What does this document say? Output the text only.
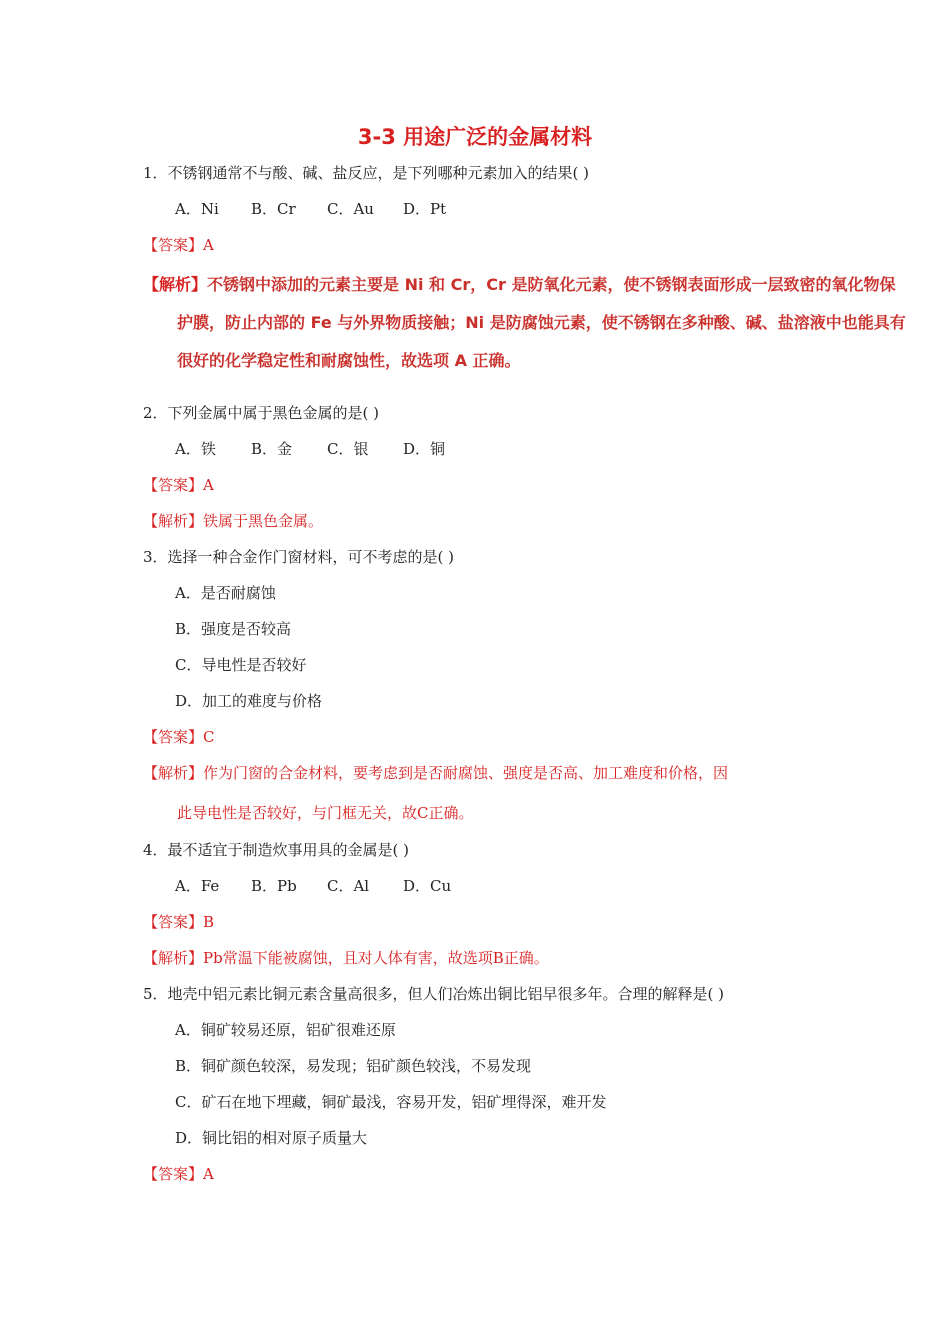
3-3 用途广泛的金属材料
1．不锈钢通常不与酸、碱、盐反应，是下列哪种元素加入的结果( )
A．Ni B．Cr C．Au D．Pt
【答案】A
【解析】不锈钢中添加的元素主要是 Ni 和 Cr，Cr 是防氧化元素，使不锈钢表面形成一层致密的氧化物保
护膜，防止内部的 Fe 与外界物质接触；Ni 是防腐蚀元素，使不锈钢在多种酸、碱、盐溶液中也能具有
很好的化学稳定性和耐腐蚀性，故选项 A 正确。
2．下列金属中属于黑色金属的是( )
A．铁 B．金 C．银 D．铜
【答案】A
【解析】铁属于黑色金属。
3．选择一种合金作门窗材料，可不考虑的是( )
A．是否耐腐蚀
B．强度是否较高
C．导电性是否较好
D．加工的难度与价格
【答案】C
【解析】作为门窗的合金材料，要考虑到是否耐腐蚀、强度是否高、加工难度和价格，因
此导电性是否较好，与门框无关，故C正确。
4．最不适宜于制造炊事用具的金属是( )
A．Fe B．Pb C．Al D．Cu
【答案】B
【解析】Pb常温下能被腐蚀，且对人体有害，故选项B正确。
5．地壳中铝元素比铜元素含量高很多，但人们冶炼出铜比铝早很多年。合理的解释是( )
A．铜矿较易还原，铝矿很难还原
B．铜矿颜色较深，易发现；铝矿颜色较浅，不易发现
C．矿石在地下埋藏，铜矿最浅，容易开发，铝矿埋得深，难开发
D．铜比铝的相对原子质量大
【答案】A
